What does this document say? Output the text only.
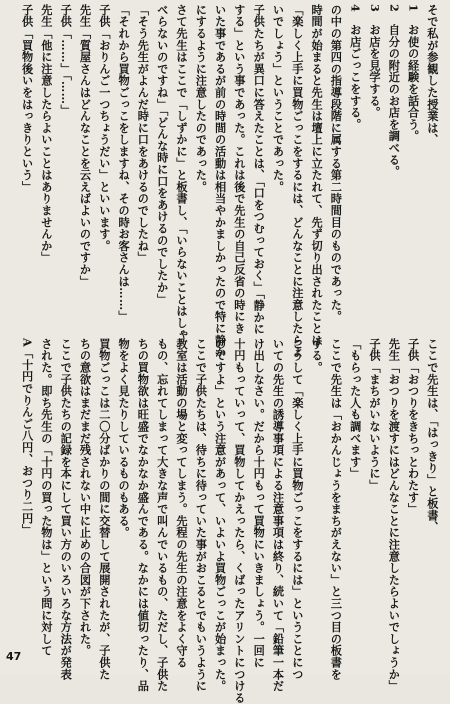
そで私が参観した授業は、
1　お使の経験を話合う。
2　自分の附近のお店を調べる。
3　お店を見学する。
4　お店ごっこをする。
の中の第四の指導段階に属する第二時間目のものであった。
時間が始まると先生は壇上に立たれて、先ず切り出されたことは
「楽しく上手に買物ごっこをするには、どんなことに注意したらよ
いでしょう」ということであった。
子供たちが異口に答えたことは、「口をつむっておく」「静かに
する」という事であった。これは後で先生の自己反省の時にき
いた事であるが前の時間の活動は相当やかましかったので特に静か
にするように注意したのであった。
さて先生はここで「しずかに」と板書し、「いらないことはしゃ
べらないのですね」「どんな時に口をあけるのでしたか」
「そう先生がよんだ時に口をあけるのでしたね」
「それから買物ごっこをしますね、その時お客さんは……」
子供「おりんご一つちょうだい」といいます。
先生「質屋さんはどんなことを云えばよいのですか」
子供「……」「……」
先生「他に注意したらよいことはありませんか」
子供「買物後いをはっきりという」
ここで先生は、「はっきり」と板書、
子供「おつりをきちっとわたす」
先生「おつりを渡すにはどんなことに注意したらよいでしょうか」
子供「まちがいないように」
「もらった人も調べます」
ここで先生は「おかんじょうをまちがえない」と三つ目の板書を
する。
こうして「楽しく上手に買物ごっこをするには」ということにつ
いての先生の誘導事項による注意事項は終り、続いて「鉛筆一本だ
け出しなさい。だから十円もって買物にいきましょう。一回に
十円もっていって、買物してかえったら、くばったアリントにつける
のですよ」という注意があって、いよいよ買物ごっこが始まった。
ここで子供たちは、待ちに待っていた事がおこるとでもいうように
教室は活動の場と変ってしまう。先程の先生の注意をよく守る
もの、忘れてしまって大きな声で叫んでいるもの、ただし、子供た
ちの買物欲は旺盛でなかなか盛んである。なかには値切ったり、品
物をよく見たりしているものもある。
買物ごっこは二〇分ばかりの間に交替して展開されたが、子供た
ちの意欲はまだまだ残されない中に止めの合図が下された。
ここで子供たちの記録を本にして買い方のいろいろな方法が発表
された。即ち先生の「十円の買った物は」という問に対して
A「十円でりんご八円、おつり二円」
47
